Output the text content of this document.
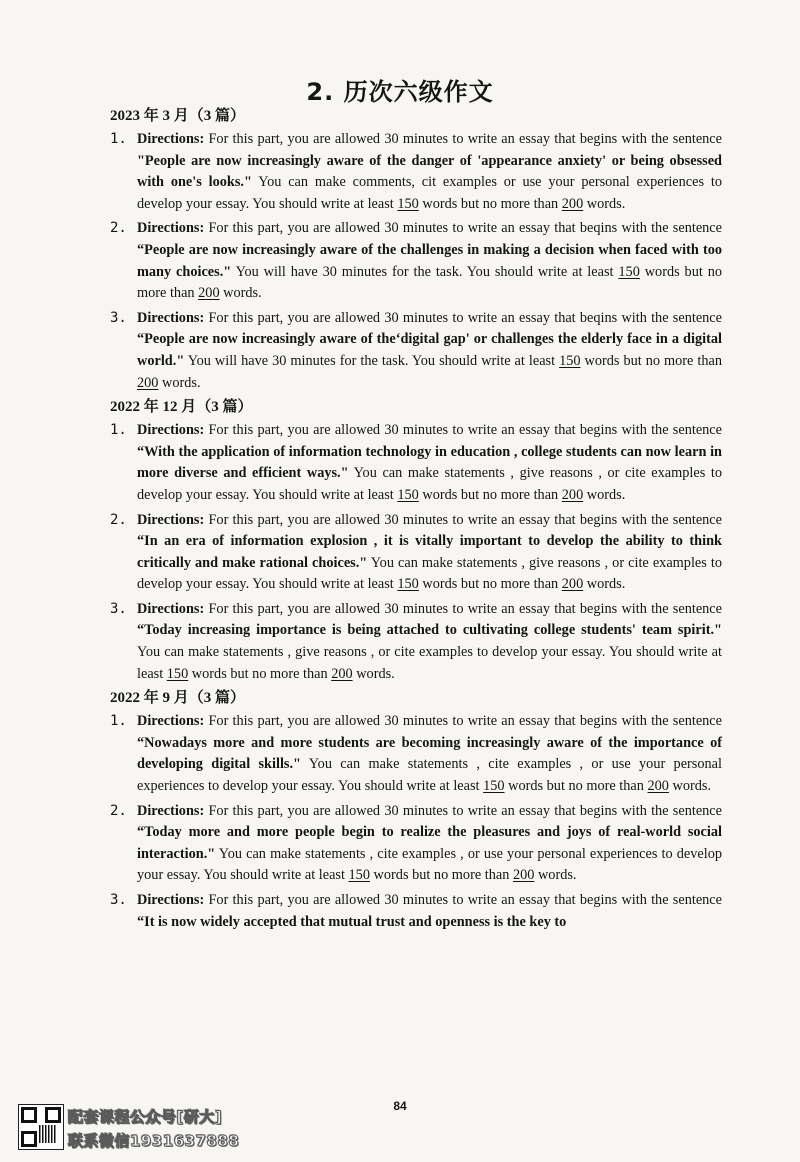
2. 历次六级作文
2023 年 3 月（3 篇）
1. Directions: For this part, you are allowed 30 minutes to write an essay that begins with the sentence "People are now increasingly aware of the danger of 'appearance anxiety' or being obsessed with one's looks." You can make comments, cit examples or use your personal experiences to develop your essay. You should write at least 150 words but no more than 200 words.
2. Directions: For this part, you are allowed 30 minutes to write an essay that beqins with the sentence “People are now increasingly aware of the challenges in making a decision when faced with too many choices." You will have 30 minutes for the task. You should write at least 150 words but no more than 200 words.
3. Directions: For this part, you are allowed 30 minutes to write an essay that beqins with the sentence “People are now increasingly aware of the‘digital gap' or challenges the elderly face in a digital world." You will have 30 minutes for the task. You should write at least 150 words but no more than 200 words.
2022 年 12 月（3 篇）
1. Directions: For this part, you are allowed 30 minutes to write an essay that begins with the sentence “With the application of information technology in education , college students can now learn in more diverse and efficient ways." You can make statements , give reasons , or cite examples to develop your essay. You should write at least 150 words but no more than 200 words.
2. Directions: For this part, you are allowed 30 minutes to write an essay that begins with the sentence “In an era of information explosion , it is vitally important to develop the ability to think critically and make rational choices." You can make statements , give reasons , or cite examples to develop your essay. You should write at least 150 words but no more than 200 words.
3. Directions: For this part, you are allowed 30 minutes to write an essay that begins with the sentence “Today increasing importance is being attached to cultivating college students' team spirit." You can make statements , give reasons , or cite examples to develop your essay. You should write at least 150 words but no more than 200 words.
2022 年 9 月（3 篇）
1. Directions: For this part, you are allowed 30 minutes to write an essay that begins with the sentence “Nowadays more and more students are becoming increasingly aware of the importance of developing digital skills." You can make statements , cite examples , or use your personal experiences to develop your essay. You should write at least 150 words but no more than 200 words.
2. Directions: For this part, you are allowed 30 minutes to write an essay that begins with the sentence “Today more and more people begin to realize the pleasures and joys of real-world social interaction." You can make statements , cite examples , or use your personal experiences to develop your essay. You should write at least 150 words but no more than 200 words.
3. Directions: For this part, you are allowed 30 minutes to write an essay that begins with the sentence “It is now widely accepted that mutual trust and openness is the key to
84
配套课程公众号[研大]
联系微信1931637888
